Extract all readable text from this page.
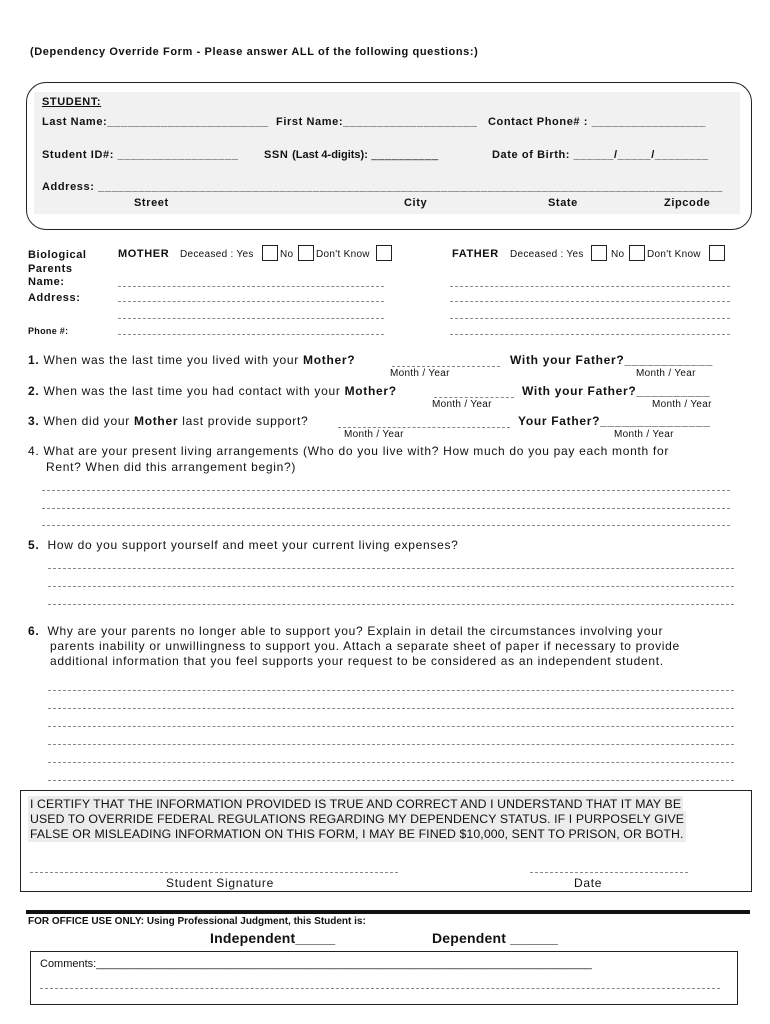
(Dependency Override Form - Please answer ALL of the following questions:)
STUDENT:
Last Name:________________________ First Name:____________________ Contact Phone# : _________________
Student ID#: __________________ SSN (Last 4-digits): __________	Date of Birth: ______/_____/________
Address: _____________________________________________________________________________________________
Street	City	State	Zipcode
Biological Parents
Name:
Address:
Phone #:
MOTHER Deceased : Yes	No Don't Know	FATHER Deceased : Yes	No Don't Know
1. When was the last time you lived with your Mother?	With your Father?____________
Month / Year	Month / Year
2. When was the last time you had contact with your Mother?	With your Father?__________
Month / Year	Month / Year
3. When did your Mother last provide support?	Your Father?_______________
Month / Year	Month / Year
4. What are your present living arrangements (Who do you live with? How much do you pay each month for
Rent? When did this arrangement begin?)
5. How do you support yourself and meet your current living expenses?
6. Why are your parents no longer able to support you? Explain in detail the circumstances involving your
parents inability or unwillingness to support you. Attach a separate sheet of paper if necessary to provide
additional information that you feel supports your request to be considered as an independent student.
I CERTIFY THAT THE INFORMATION PROVIDED IS TRUE AND CORRECT AND I UNDERSTAND THAT IT MAY BE
USED TO OVERRIDE FEDERAL REGULATIONS REGARDING MY DEPENDENCY STATUS. IF I PURPOSELY GIVE
FALSE OR MISLEADING INFORMATION ON THIS FORM, I MAY BE FINED $10,000, SENT TO PRISON, OR BOTH.
Student Signature	Date
FOR OFFICE USE ONLY: Using Professional Judgment, this Student is:
Independent_____	Dependent ______
Comments:_________________________________________________________________________________
